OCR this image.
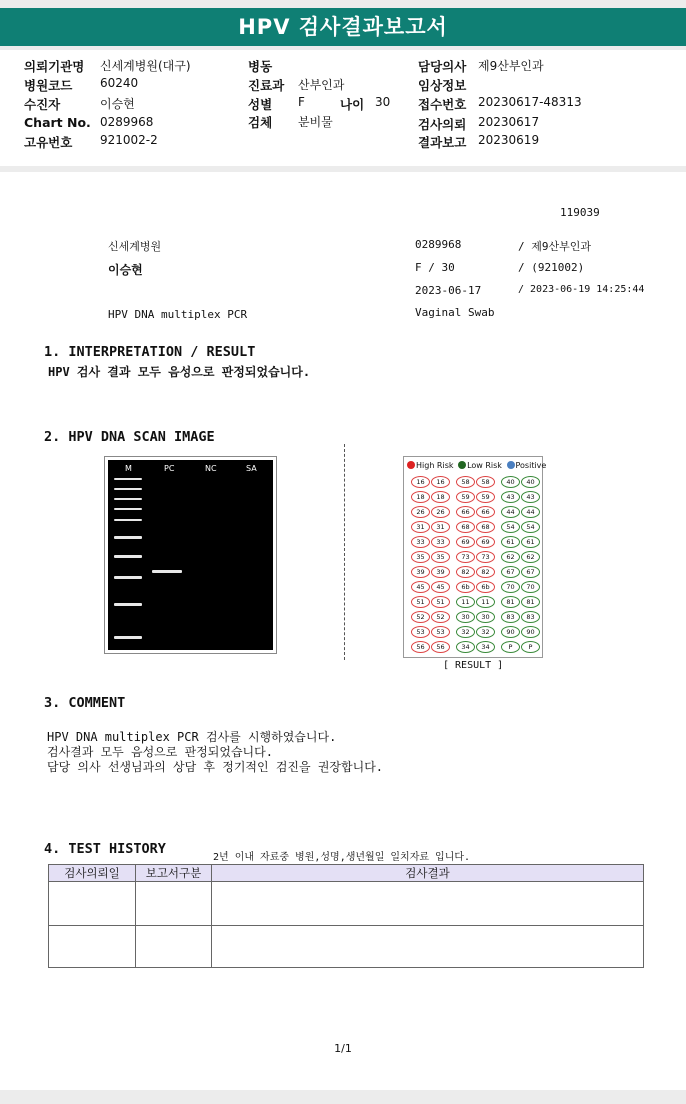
HPV 검사결과보고서
의뢰기관명 신세계병원(대구)
병원코드 60240
수진자	이승현
Chart No. 0289968
고유번호 921002-2
병동
진료과 산부인과
성별 F	나이 30
검체 분비물
담당의사 제9산부인과
임상정보
접수번호 20230617-48313
검사의뢰 20230617
결과보고 20230619
119039
신세계병원	0289968	/ 제9산부인과
이승현	F / 30	/ (921002)
2023-06-17	/ 2023-06-19 14:25:44
HPV DNA multiplex PCR	Vaginal Swab
1. INTERPRETATION / RESULT
HPV 검사 결과 모두 음성으로 판정되었습니다.
2. HPV DNA SCAN IMAGE
M	PC	NC	SA	High Risk Low Risk Positive
16	16	58	58	40	40
18	18	59	59	43	43
26	26	66	66	44	44
31	31	68	68	54	54
33	33	69	69	61	61
35	35	73	73	62	62
39	39	82	82	67	67
45	45	6b	6b	70	70
51	51	11	11	81	81
52	52	30	30	83	83
53	53	32	32	90	90
56	56	34	34	P	P
[ RESULT ]
3. COMMENT
HPV DNA multiplex PCR 검사를 시행하였습니다.
검사결과 모두 음성으로 판정되었습니다.
담당 의사 선생님과의 상담 후 정기적인 검진을 권장합니다.
4. TEST HISTORY
2년 이내 자료중 병원,성명,생년월일 일치자료 입니다.
검사의뢰일	보고서구분	검사결과

1/1
